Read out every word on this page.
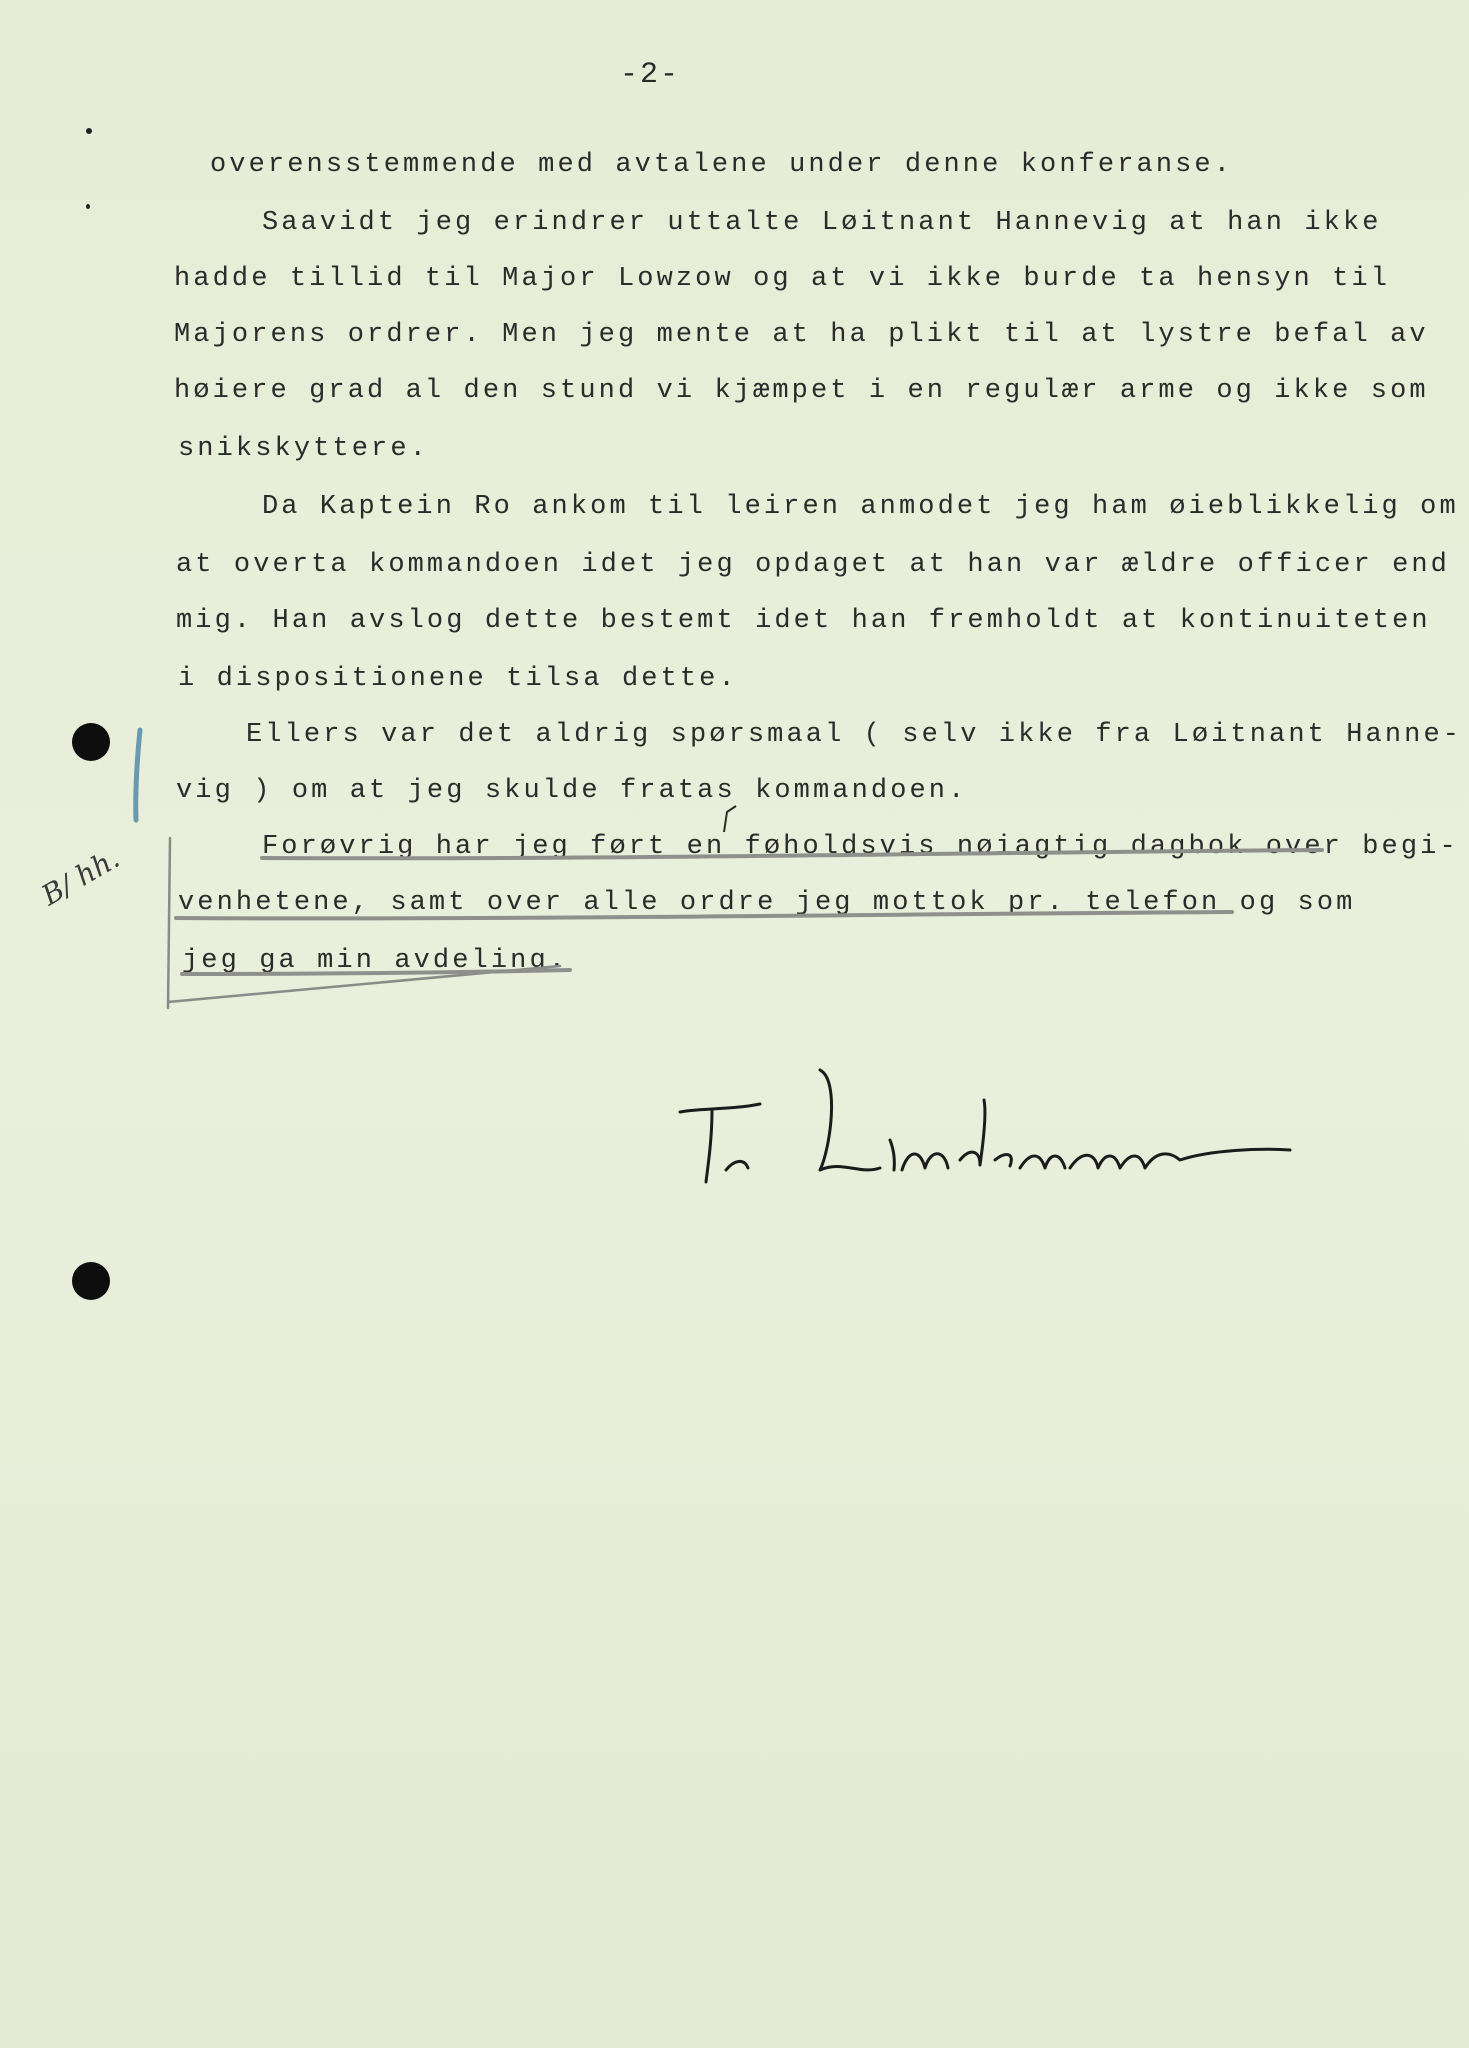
-2-
overensstemmende med avtalene under denne konferanse.
Saavidt jeg erindrer uttalte Løitnant Hannevig at han ikke
hadde tillid til Major Lowzow og at vi ikke burde ta hensyn til
Majorens ordrer. Men jeg mente at ha plikt til at lystre befal av
høiere grad al den stund vi kjæmpet i en regulær arme og ikke som
snikskyttere.
Da Kaptein Ro ankom til leiren anmodet jeg ham øieblikkelig om
at overta kommandoen idet jeg opdaget at han var ældre officer end
mig. Han avslog dette bestemt idet han fremholdt at kontinuiteten
i dispositionene tilsa dette.
Ellers var det aldrig spørsmaal ( selv ikke fra Løitnant Hanne-
vig ) om at jeg skulde fratas kommandoen.
Forøvrig har jeg ført en føholdsvis nøiagtig dagbok over begi-
venhetene, samt over alle ordre jeg mottok pr. telefon og som
jeg ga min avdeling.
B/ hh.
